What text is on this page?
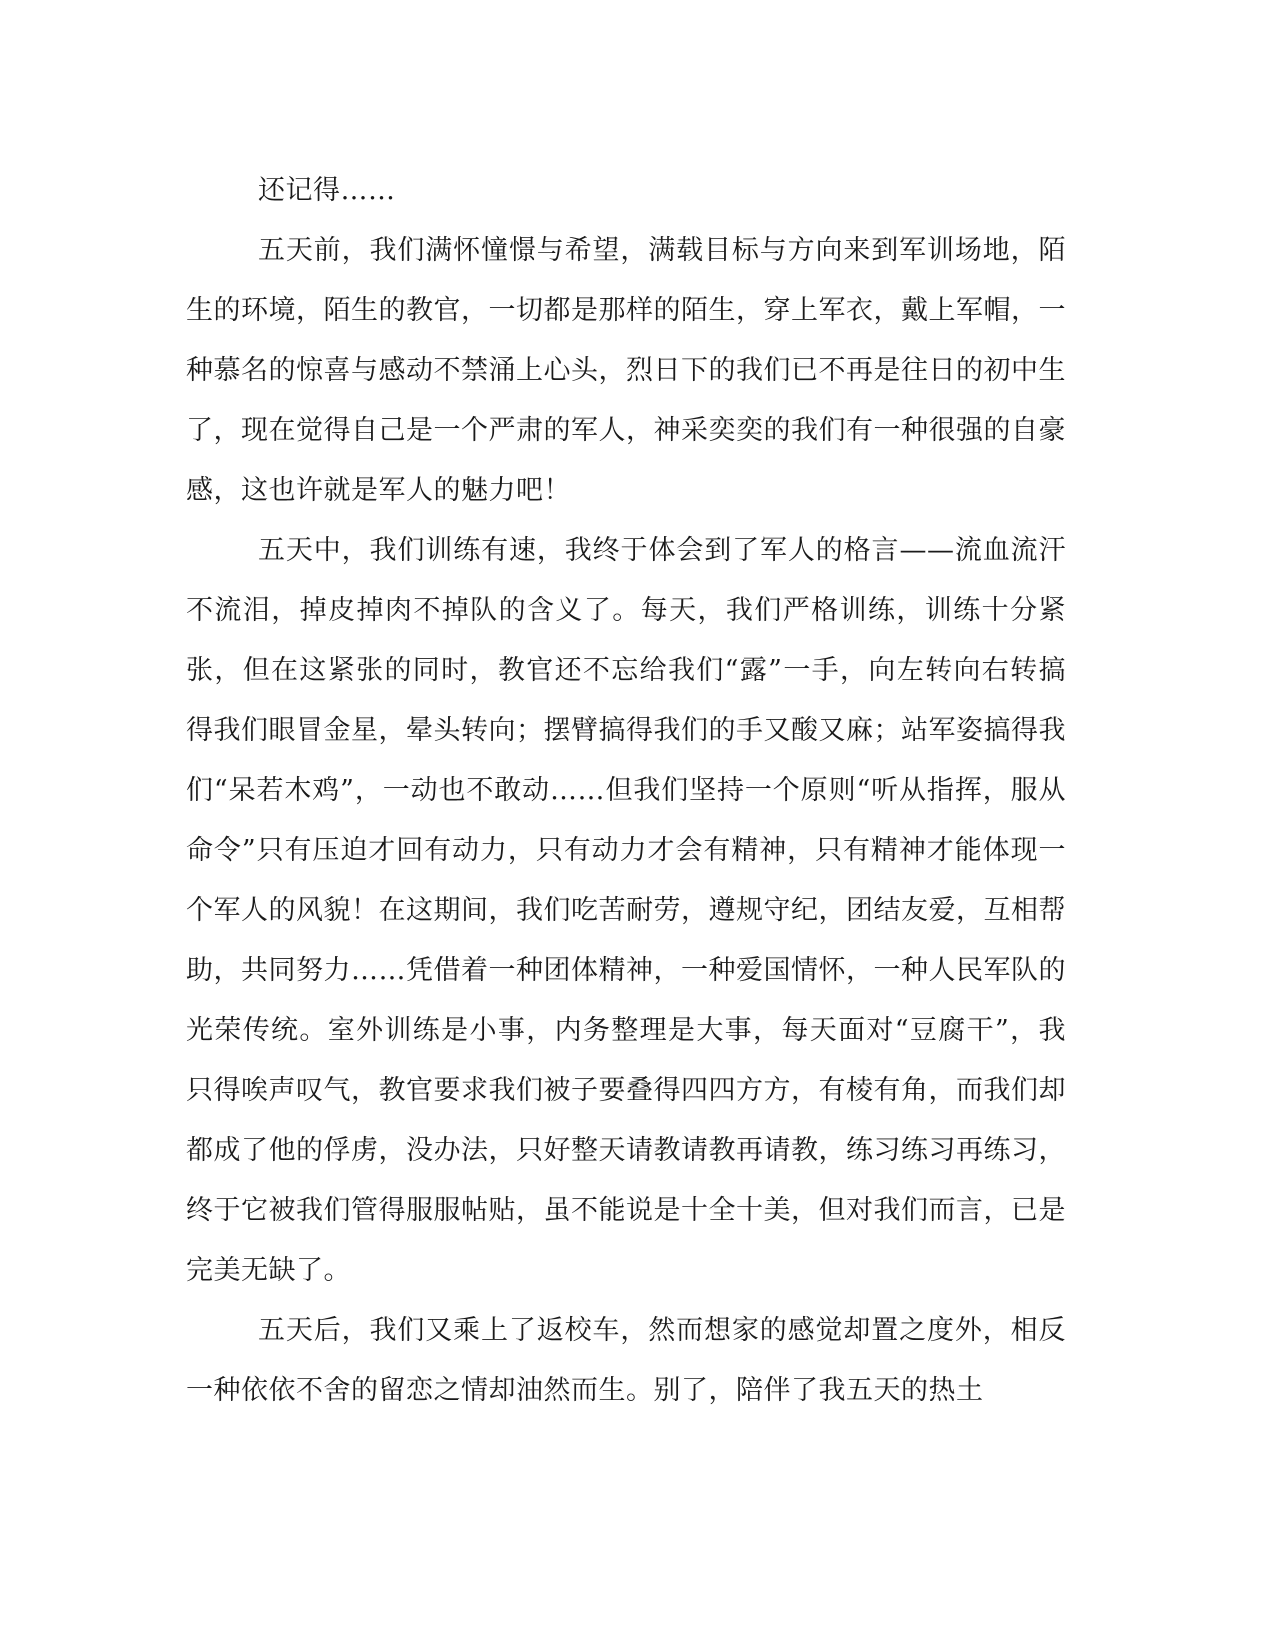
还记得……

五天前，我们满怀憧憬与希望，满载目标与方向来到军训场地，陌生的环境，陌生的教官，一切都是那样的陌生，穿上军衣，戴上军帽，一种慕名的惊喜与感动不禁涌上心头，烈日下的我们已不再是往日的初中生了，现在觉得自己是一个严肃的军人，神采奕奕的我们有一种很强的自豪感，这也许就是军人的魅力吧！

五天中，我们训练有速，我终于体会到了军人的格言——流血流汗不流泪，掉皮掉肉不掉队的含义了。每天，我们严格训练，训练十分紧张，但在这紧张的同时，教官还不忘给我们“露”一手，向左转向右转搞得我们眼冒金星，晕头转向；摆臂搞得我们的手又酸又麻；站军姿搞得我们“呆若木鸡”，一动也不敢动……但我们坚持一个原则“听从指挥，服从命令”只有压迫才回有动力，只有动力才会有精神，只有精神才能体现一个军人的风貌！在这期间，我们吃苦耐劳，遵规守纪，团结友爱，互相帮助，共同努力……凭借着一种团体精神，一种爱国情怀，一种人民军队的光荣传统。室外训练是小事，内务整理是大事，每天面对“豆腐干”，我只得唉声叹气，教官要求我们被子要叠得四四方方，有棱有角，而我们却都成了他的俘虏，没办法，只好整天请教请教再请教，练习练习再练习，终于它被我们管得服服帖贴，虽不能说是十全十美，但对我们而言，已是完美无缺了。

五天后，我们又乘上了返校车，然而想家的感觉却置之度外，相反一种依依不舍的留恋之情却油然而生。别了，陪伴了我五天的热土
